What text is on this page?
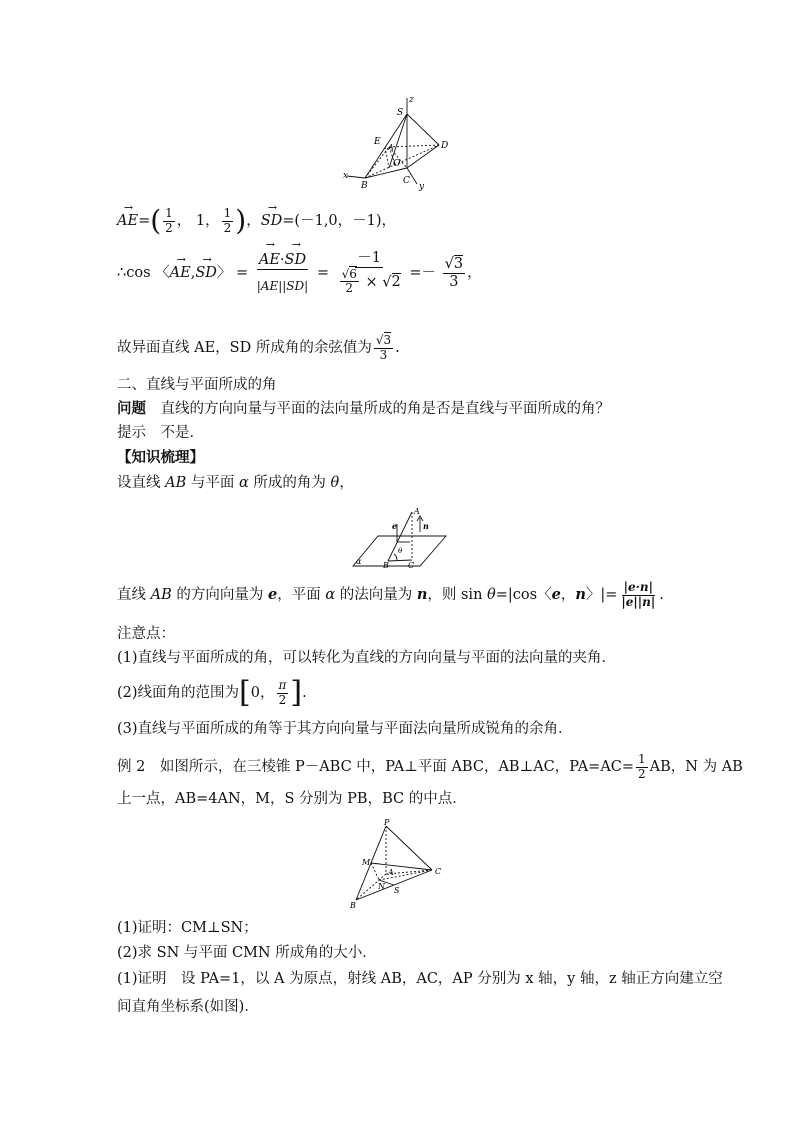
z
S
E
A	D
O
x
B	C
y
→ $AE=( \frac{1}{2}$ ， 1， $\frac{1}{2}$ )，→ SD=(－1,0，－1)，
∴cos 〈→ AE,→ SD〉 =
→ $\frac{AE\cdot\to SD}{|AE||SD|} = \frac{-1}{\frac{√6}{2} \times √2} =- \frac{√3}{3}$ ，
故异面直线 AE，SD 所成角的余弦值为 $\frac{√3}{3}$ .
二、直线与平面所成的角
问题　 直线的方向向量与平面的法向量所成的角是否是直线与平面所成的角？
提示　 不是．
【知识梳理】
设直线 AB 与平面 α 所成的角为 θ，
A
e	n
θ
α	B C
直线 AB 的方向向量为 e，平面 α 的法向量为 n，则 sin θ=|cos〈e，n〉|= $\frac{|e\cdot n|}{|e||n|}$ .
注意点：
(1)直线与平面所成的角，可以转化为直线的方向向量与平面的法向量的夹角．
(2)线面角的范围为[0， $\frac{\pi}{2}$ ].
(3)直线与平面所成的角等于其方向向量与平面法向量所成锐角的余角．
例 2　 如图所示，在三棱锥 P－ABC 中，PA⊥平面 ABC，AB⊥AC，$PA=AC= \frac{1}{2}$ AB，N 为 AB
上一点，AB=4AN，M，S 分别为 PB，BC 的中点．
P
M
A
N
C
S
B
(1)证明：CM⊥SN；
(2)求 SN 与平面 CMN 所成角的大小．
(1)证明　设 PA=1，以 A 为原点，射线 AB，AC，AP 分别为 x 轴，y 轴，z 轴正方向建立空
间直角坐标系(如图)．
